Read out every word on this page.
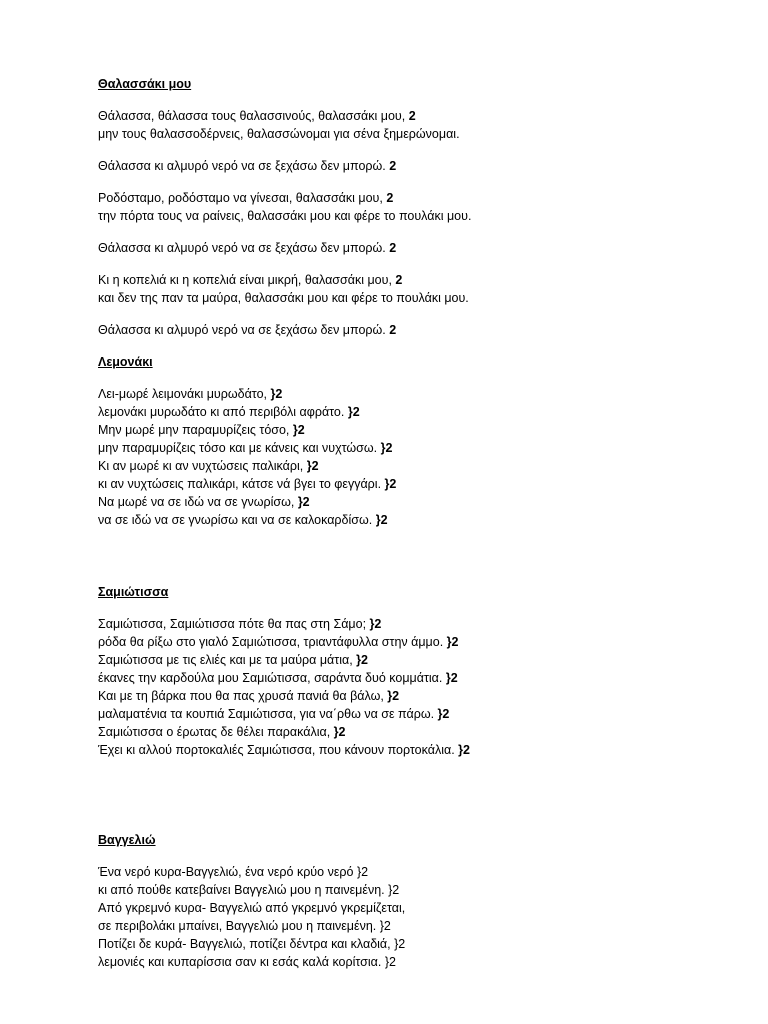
Θαλασσάκι μου
Θάλασσα, θάλασσα τους θαλασσινούς, θαλασσάκι μου, 2
μην τους θαλασσοδέρνεις, θαλασσώνομαι για σένα ξημερώνομαι.
Θάλασσα κι αλμυρό νερό να σε ξεχάσω δεν μπορώ. 2
Ροδόσταμο, ροδόσταμο να γίνεσαι, θαλασσάκι μου, 2
την πόρτα τους να ραίνεις, θαλασσάκι μου και φέρε το πουλάκι μου.
Θάλασσα κι αλμυρό νερό να σε ξεχάσω δεν μπορώ. 2
Κι η κοπελιά κι η κοπελιά είναι μικρή, θαλασσάκι μου, 2
και δεν της παν τα μαύρα, θαλασσάκι μου και φέρε το πουλάκι μου.
Θάλασσα κι αλμυρό νερό να σε ξεχάσω δεν μπορώ. 2
Λεμονάκι
Λει-μωρέ λειμονάκι μυρωδάτο, }2
λεμονάκι μυρωδάτο κι από περιβόλι αφράτο. }2
Μην μωρέ μην παραμυρίζεις τόσο, }2
μην παραμυρίζεις τόσο και με κάνεις και νυχτώσω. }2
Κι αν μωρέ κι αν νυχτώσεις παλικάρι, }2
κι αν νυχτώσεις παλικάρι, κάτσε νά βγει το φεγγάρι. }2
Να μωρέ να σε ιδώ να σε γνωρίσω, }2
να σε ιδώ να σε γνωρίσω και να σε καλοκαρδίσω. }2
Σαμιώτισσα
Σαμιώτισσα, Σαμιώτισσα πότε θα πας στη Σάμο; }2
ρόδα θα ρίξω στο γιαλό Σαμιώτισσα, τριαντάφυλλα στην άμμο. }2
Σαμιώτισσα με τις ελιές και με τα μαύρα μάτια, }2
έκανες την καρδούλα μου Σαμιώτισσα, σαράντα δυό κομμάτια. }2
Και με τη βάρκα που θα πας χρυσά πανιά θα βάλω, }2
μαλαματένια τα κουπιά Σαμιώτισσα, για να΄ρθω να σε πάρω. }2
Σαμιώτισσα ο έρωτας δε θέλει παρακάλια, }2
Έχει κι αλλού πορτοκαλιές Σαμιώτισσα, που κάνουν πορτοκάλια. }2
Βαγγελιώ
Ένα νερό κυρα-Βαγγελιώ, ένα νερό κρύο νερό }2
κι από πούθε κατεβαίνει Βαγγελιώ μου η παινεμένη. }2
Από γκρεμνό κυρα- Βαγγελιώ από γκρεμνό γκρεμίζεται,
σε περιβολάκι μπαίνει, Βαγγελιώ μου η παινεμένη. }2
Ποτίζει δε κυρά- Βαγγελιώ, ποτίζει δέντρα και κλαδιά, }2
λεμονιές και κυπαρίσσια σαν κι εσάς καλά κορίτσια. }2
